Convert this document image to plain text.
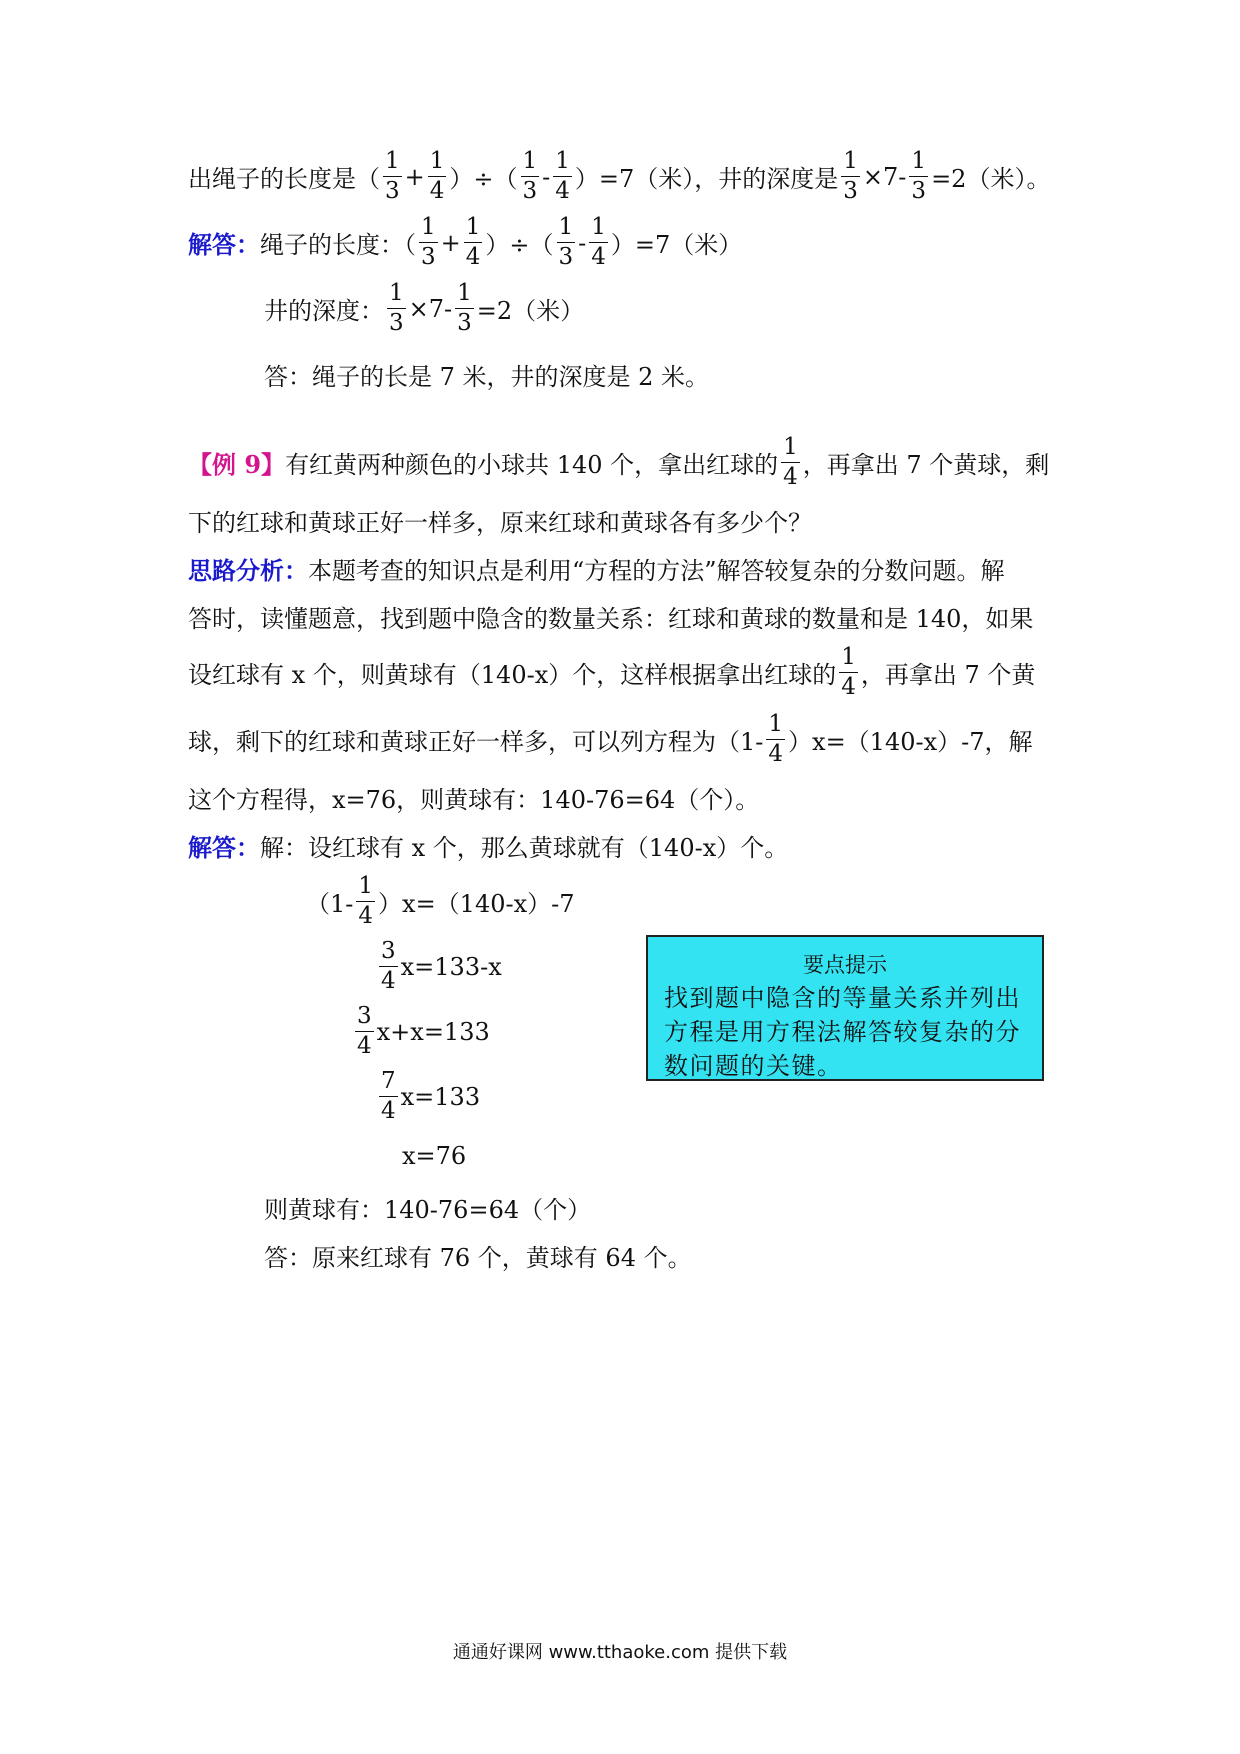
出绳子的长度是（ $\frac{1}{3} + \frac{1}{4}$ ）÷（ $\frac{1}{3} - \frac{1}{4} )=7$（米），井的深度是 $\frac{1}{3} \times 7- \frac{1}{3} =2$（米）。
解答： 绳子的长度：（ $\frac{1}{3} + \frac{1}{4}$ ）÷（ $\frac{1}{3} - \frac{1}{4} )=7$（米）
井的深度： $\frac{1}{3} \times 7- \frac{1}{3} =2$（米）
答：绳子的长是 7 米，井的深度是 2 米。
【例 9】 有红黄两种颜色的小球共 140 个，拿出红球的 $\frac{1}{4}$ ，再拿出 7 个黄球，剩
下的红球和黄球正好一样多，原来红球和黄球各有多少个？
思路分析： 本题考查的知识点是利用“方程的方法”解答较复杂的分数问题。解
答时，读懂题意，找到题中隐含的数量关系：红球和黄球的数量和是 140，如果
设红球有 x 个，则黄球有（140-x）个，这样根据拿出红球的 $\frac{1}{4}$ ，再拿出 7 个黄
球，剩下的红球和黄球正好一样多，可以列方程为$(1- \frac{1}{4} )x=(140-x)-7$，解
这个方程得，x=76，则黄球有：140-76=64（个）。
解答： 解：设红球有 x 个，那么黄球就有（140-x）个。
$(1- \frac{1}{4} )x=(140-x)-7$
$\frac{3}{4} x=133-x$
$\frac{3}{4} x+x=133$
$\frac{7}{4} x=133$
x=76
则黄球有：140-76=64（个）
答：原来红球有 76 个，黄球有 64 个。
要点提示
找到题中隐含的等量关系并列出方程是用方程法解答较复杂的分数问题的关键。
通通好课网 www.tthaoke.com 提供下载
